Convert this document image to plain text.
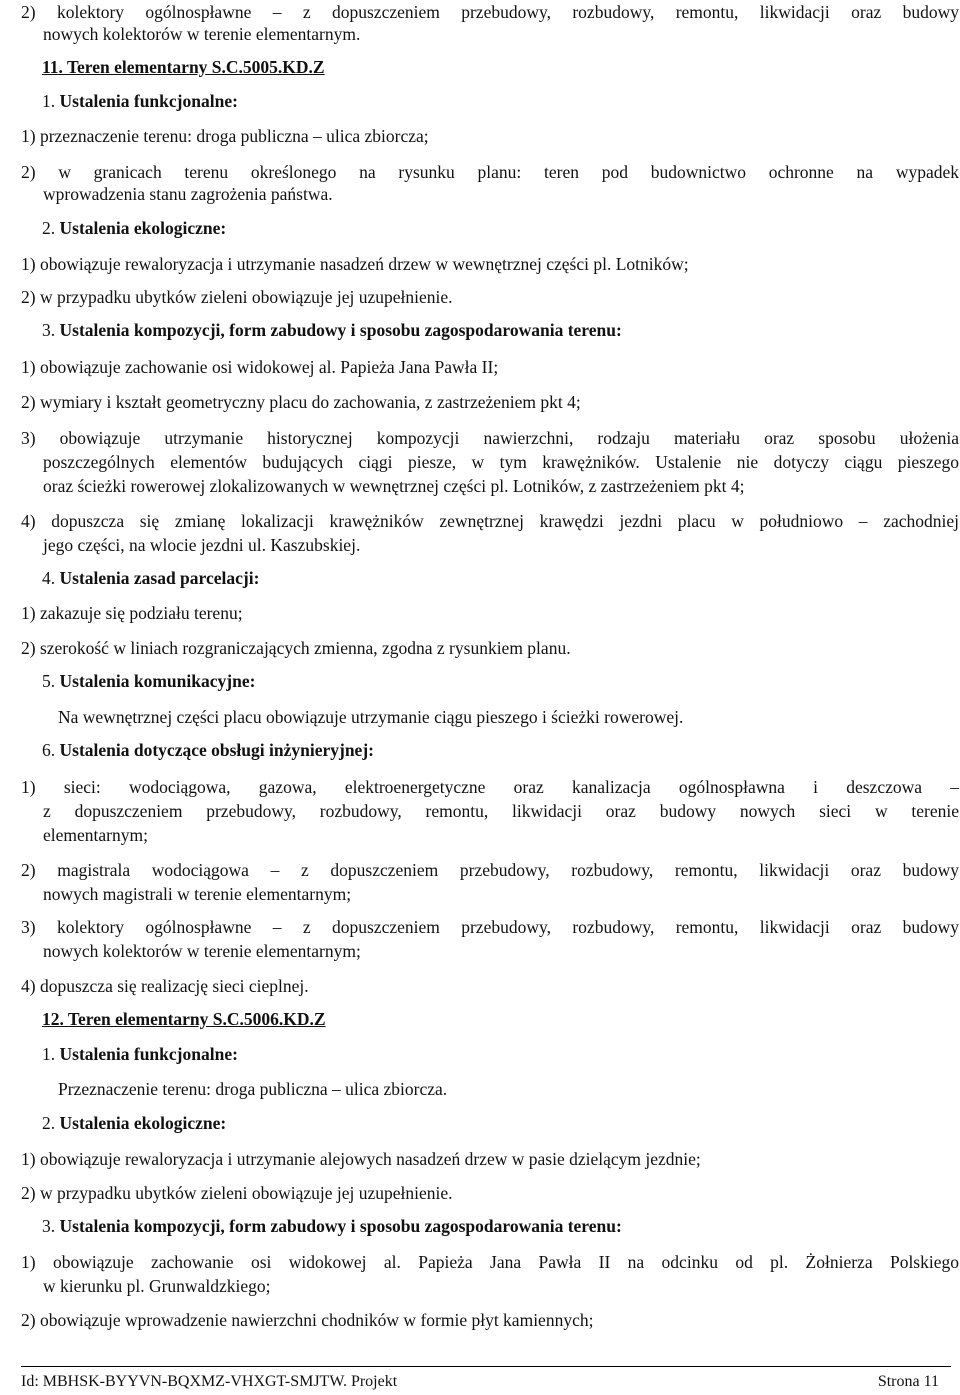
2) kolektory ogólnospławne – z dopuszczeniem przebudowy, rozbudowy, remontu, likwidacji oraz budowy
nowych kolektorów w terenie elementarnym.
11. Teren elementarny S.C.5005.KD.Z
1. Ustalenia funkcjonalne:
1) przeznaczenie terenu: droga publiczna – ulica zbiorcza;
2) w granicach terenu określonego na rysunku planu: teren pod budownictwo ochronne na wypadek
wprowadzenia stanu zagrożenia państwa.
2. Ustalenia ekologiczne:
1) obowiązuje rewaloryzacja i utrzymanie nasadzeń drzew w wewnętrznej części pl. Lotników;
2) w przypadku ubytków zieleni obowiązuje jej uzupełnienie.
3. Ustalenia kompozycji, form zabudowy i sposobu zagospodarowania terenu:
1) obowiązuje zachowanie osi widokowej al. Papieża Jana Pawła II;
2) wymiary i kształt geometryczny placu do zachowania, z zastrzeżeniem pkt 4;
3) obowiązuje utrzymanie historycznej kompozycji nawierzchni, rodzaju materiału oraz sposobu ułożenia
poszczególnych elementów budujących ciągi piesze, w tym krawężników. Ustalenie nie dotyczy ciągu pieszego
oraz ścieżki rowerowej zlokalizowanych w wewnętrznej części pl. Lotników, z zastrzeżeniem pkt 4;
4) dopuszcza się zmianę lokalizacji krawężników zewnętrznej krawędzi jezdni placu w południowo – zachodniej
jego części, na wlocie jezdni ul. Kaszubskiej.
4. Ustalenia zasad parcelacji:
1) zakazuje się podziału terenu;
2) szerokość w liniach rozgraniczających zmienna, zgodna z rysunkiem planu.
5. Ustalenia komunikacyjne:
Na wewnętrznej części placu obowiązuje utrzymanie ciągu pieszego i ścieżki rowerowej.
6. Ustalenia dotyczące obsługi inżynieryjnej:
1) sieci: wodociągowa, gazowa, elektroenergetyczne oraz kanalizacja ogólnospławna i deszczowa –
z dopuszczeniem przebudowy, rozbudowy, remontu, likwidacji oraz budowy nowych sieci w terenie
elementarnym;
2) magistrala wodociągowa – z dopuszczeniem przebudowy, rozbudowy, remontu, likwidacji oraz budowy
nowych magistrali w terenie elementarnym;
3) kolektory ogólnospławne – z dopuszczeniem przebudowy, rozbudowy, remontu, likwidacji oraz budowy
nowych kolektorów w terenie elementarnym;
4) dopuszcza się realizację sieci cieplnej.
12. Teren elementarny S.C.5006.KD.Z
1. Ustalenia funkcjonalne:
Przeznaczenie terenu: droga publiczna – ulica zbiorcza.
2. Ustalenia ekologiczne:
1) obowiązuje rewaloryzacja i utrzymanie alejowych nasadzeń drzew w pasie dzielącym jezdnie;
2) w przypadku ubytków zieleni obowiązuje jej uzupełnienie.
3. Ustalenia kompozycji, form zabudowy i sposobu zagospodarowania terenu:
1) obowiązuje zachowanie osi widokowej al. Papieża Jana Pawła II na odcinku od pl. Żołnierza Polskiego
w kierunku pl. Grunwaldzkiego;
2) obowiązuje wprowadzenie nawierzchni chodników w formie płyt kamiennych;
Id: MBHSK-BYYVN-BQXMZ-VHXGT-SMJTW. Projekt	Strona 11
